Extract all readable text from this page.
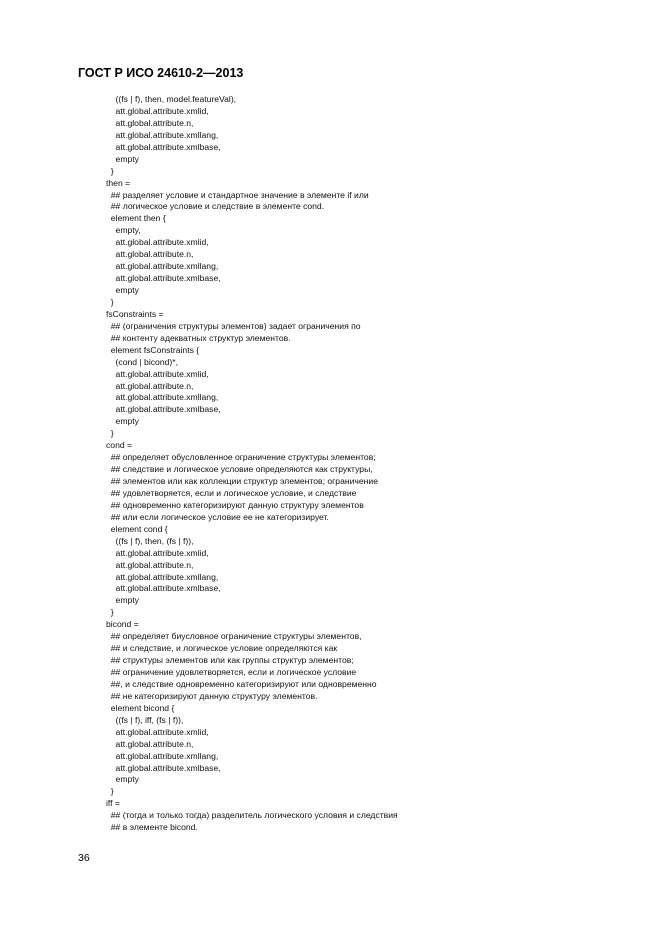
ГОСТ Р ИСО 24610-2—2013
((fs | f), then, model.featureVal),
att.global.attribute.xmlid,
att.global.attribute.n,
att.global.attribute.xmllang,
att.global.attribute.xmlbase,
empty
}
then =
## разделяет условие и стандартное значение в элементе if или
## логическое условие и следствие в элементе cond.
element then {
empty,
att.global.attribute.xmlid,
att.global.attribute.n,
att.global.attribute.xmllang,
att.global.attribute.xmlbase,
empty
}
fsConstraints =
## (ограничения структуры элементов) задает ограничения по
## контенту адекватных структур элементов.
element fsConstraints {
(cond | bicond)*,
att.global.attribute.xmlid,
att.global.attribute.n,
att.global.attribute.xmllang,
att.global.attribute.xmlbase,
empty
}
cond =
## определяет обусловленное ограничение структуры элементов;
## следствие и логическое условие определяются как структуры,
## элементов или как коллекции структур элементов; ограничение
## удовлетворяется, если и логическое условие, и следствие
## одновременно категоризируют данную структуру элементов
## или если логическое условие ее не категоризирует.
element cond {
((fs | f), then, (fs | f)),
att.global.attribute.xmlid,
att.global.attribute.n,
att.global.attribute.xmllang,
att.global.attribute.xmlbase,
empty
}
bicond =
## определяет биусловное ограничение структуры элементов,
## и следствие, и логическое условие определяются как
## структуры элементов или как группы структур элементов;
## ограничение удовлетворяется, если и логическое условие
##, и следствие одновременно категоризируют или одновременно
## не категоризируют данную структуру элементов.
element bicond {
((fs | f), iff, (fs | f)),
att.global.attribute.xmlid,
att.global.attribute.n,
att.global.attribute.xmllang,
att.global.attribute.xmlbase,
empty
}
iff =
## (тогда и только тогда) разделитель логического условия и следствия
## в элементе bicond.
36
